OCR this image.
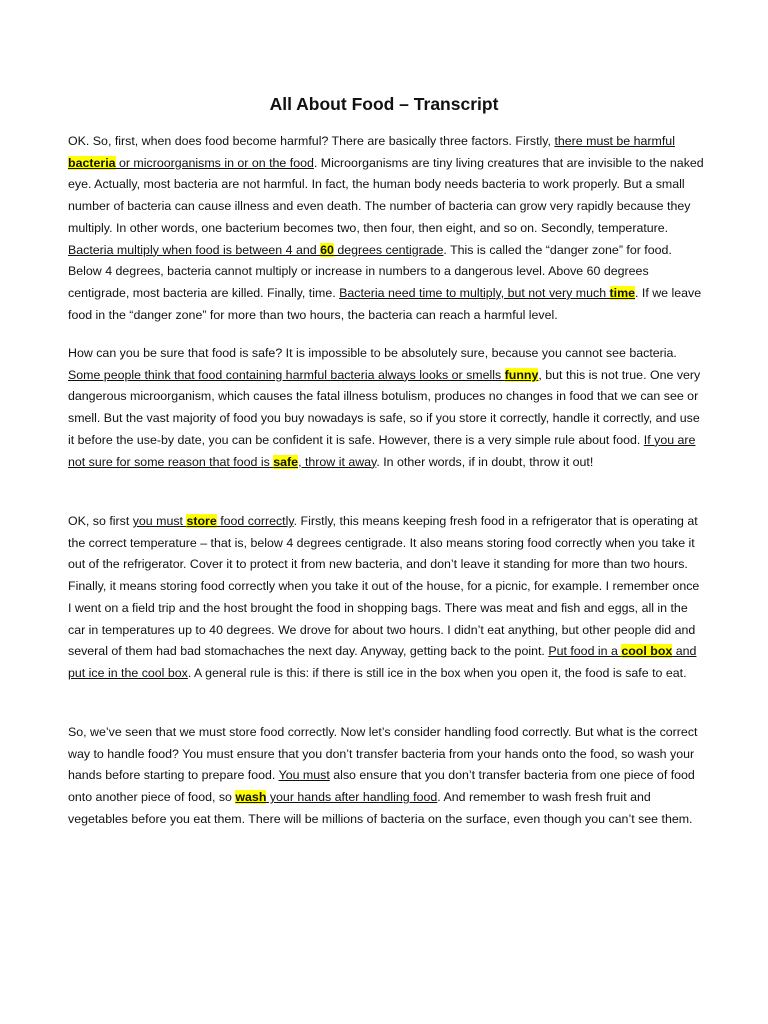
All About Food – Transcript

OK. So, first, when does food become harmful? There are basically three factors. Firstly, there must be harmful bacteria or microorganisms in or on the food. Microorganisms are tiny living creatures that are invisible to the naked eye. Actually, most bacteria are not harmful. In fact, the human body needs bacteria to work properly. But a small number of bacteria can cause illness and even death. The number of bacteria can grow very rapidly because they multiply. In other words, one bacterium becomes two, then four, then eight, and so on. Secondly, temperature. Bacteria multiply when food is between 4 and 60 degrees centigrade. This is called the “danger zone” for food. Below 4 degrees, bacteria cannot multiply or increase in numbers to a dangerous level. Above 60 degrees centigrade, most bacteria are killed. Finally, time. Bacteria need time to multiply, but not very much time. If we leave food in the “danger zone” for more than two hours, the bacteria can reach a harmful level.

How can you be sure that food is safe? It is impossible to be absolutely sure, because you cannot see bacteria. Some people think that food containing harmful bacteria always looks or smells funny, but this is not true. One very dangerous microorganism, which causes the fatal illness botulism, produces no changes in food that we can see or smell. But the vast majority of food you buy nowadays is safe, so if you store it correctly, handle it correctly, and use it before the use-by date, you can be confident it is safe. However, there is a very simple rule about food. If you are not sure for some reason that food is safe, throw it away. In other words, if in doubt, throw it out!

OK, so first you must store food correctly. Firstly, this means keeping fresh food in a refrigerator that is operating at the correct temperature – that is, below 4 degrees centigrade. It also means storing food correctly when you take it out of the refrigerator. Cover it to protect it from new bacteria, and don’t leave it standing for more than two hours. Finally, it means storing food correctly when you take it out of the house, for a picnic, for example. I remember once I went on a field trip and the host brought the food in shopping bags. There was meat and fish and eggs, all in the car in temperatures up to 40 degrees. We drove for about two hours. I didn’t eat anything, but other people did and several of them had bad stomachaches the next day. Anyway, getting back to the point. Put food in a cool box and put ice in the cool box. A general rule is this: if there is still ice in the box when you open it, the food is safe to eat.

So, we’ve seen that we must store food correctly. Now let’s consider handling food correctly. But what is the correct way to handle food? You must ensure that you don’t transfer bacteria from your hands onto the food, so wash your hands before starting to prepare food. You must also ensure that you don’t transfer bacteria from one piece of food onto another piece of food, so wash your hands after handling food. And remember to wash fresh fruit and vegetables before you eat them. There will be millions of bacteria on the surface, even though you can’t see them.
